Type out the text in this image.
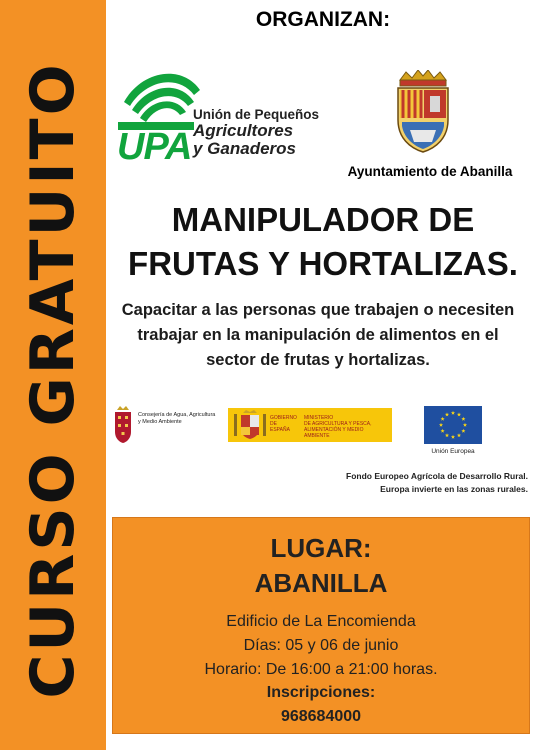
CURSO GRATUITO
ORGANIZAN:
UPA
Unión de Pequeños
Agricultores
y Ganaderos
Ayuntamiento de Abanilla
MANIPULADOR DE
FRUTAS Y HORTALIZAS.
Capacitar a las personas que trabajen o necesiten
trabajar en la manipulación de alimentos en el
sector de frutas y hortalizas.
Consejería de Agua, Agricultura
y Medio Ambiente
GOBIERNO
DE ESPAÑA
MINISTERIO
DE AGRICULTURA Y PESCA,
ALIMENTACIÓN Y MEDIO AMBIENTE
Unión Europea
Fondo Europeo Agrícola de Desarrollo Rural.
Europa invierte en las zonas rurales.
LUGAR:
ABANILLA
Edificio de La Encomienda
Días: 05 y 06 de junio
Horario: De 16:00 a 21:00 horas.
Inscripciones:
968684000
